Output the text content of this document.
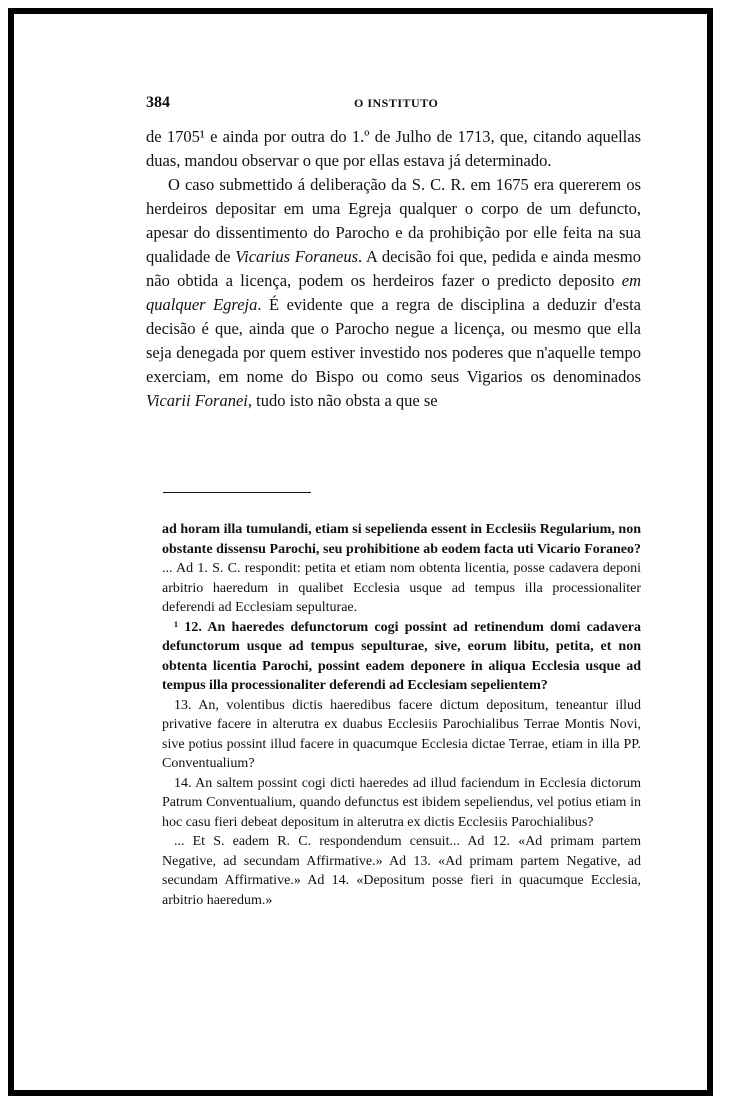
384	O INSTITUTO

de 1705¹ e ainda por outra do 1.º de Julho de 1713, que, citando aquellas duas, mandou observar o que por ellas estava já determinado.

O caso submettido á deliberação da S. C. R. em 1675 era quererem os herdeiros depositar em uma Egreja qualquer o corpo de um defuncto, apesar do dissentimento do Parocho e da prohibição por elle feita na sua qualidade de Vicarius Foraneus. A decisão foi que, pedida e ainda mesmo não obtida a licença, podem os herdeiros fazer o predicto deposito em qualquer Egreja. É evidente que a regra de disciplina a deduzir d'esta decisão é que, ainda que o Parocho negue a licença, ou mesmo que ella seja denegada por quem estiver investido nos poderes que n'aquelle tempo exerciam, em nome do Bispo ou como seus Vigarios os denominados Vicarii Foranei, tudo isto não obsta a que se

ad horam illa tumulandi, etiam si sepelienda essent in Ecclesiis Regularium, non obstante dissensu Parochi, seu prohibitione ab eodem facta uti Vicario Foraneo? ... Ad 1. S. C. respondit: petita et etiam nom obtenta licentia, posse cadavera deponi arbitrio haeredum in qualibet Ecclesia usque ad tempus illa processionaliter deferendi ad Ecclesiam sepulturae.

¹ 12. An haeredes defunctorum cogi possint ad retinendum domi cadavera defunctorum usque ad tempus sepulturae, sive, eorum libitu, petita, et non obtenta licentia Parochi, possint eadem deponere in aliqua Ecclesia usque ad tempus illa processionaliter deferendi ad Ecclesiam sepelientem?

13. An, volentibus dictis haeredibus facere dictum depositum, teneantur illud privative facere in alterutra ex duabus Ecclesiis Parochialibus Terrae Montis Novi, sive potius possint illud facere in quacumque Ecclesia dictae Terrae, etiam in illa PP. Conventualium?

14. An saltem possint cogi dicti haeredes ad illud faciendum in Ecclesia dictorum Patrum Conventualium, quando defunctus est ibidem sepeliendus, vel potius etiam in hoc casu fieri debeat depositum in alterutra ex dictis Ecclesiis Parochialibus?

... Et S. eadem R. C. respondendum censuit... Ad 12. «Ad primam partem Negative, ad secundam Affirmative.» Ad 13. «Ad primam partem Negative, ad secundam Affirmative.» Ad 14. «Depositum posse fieri in quacumque Ecclesia, arbitrio haeredum.»
